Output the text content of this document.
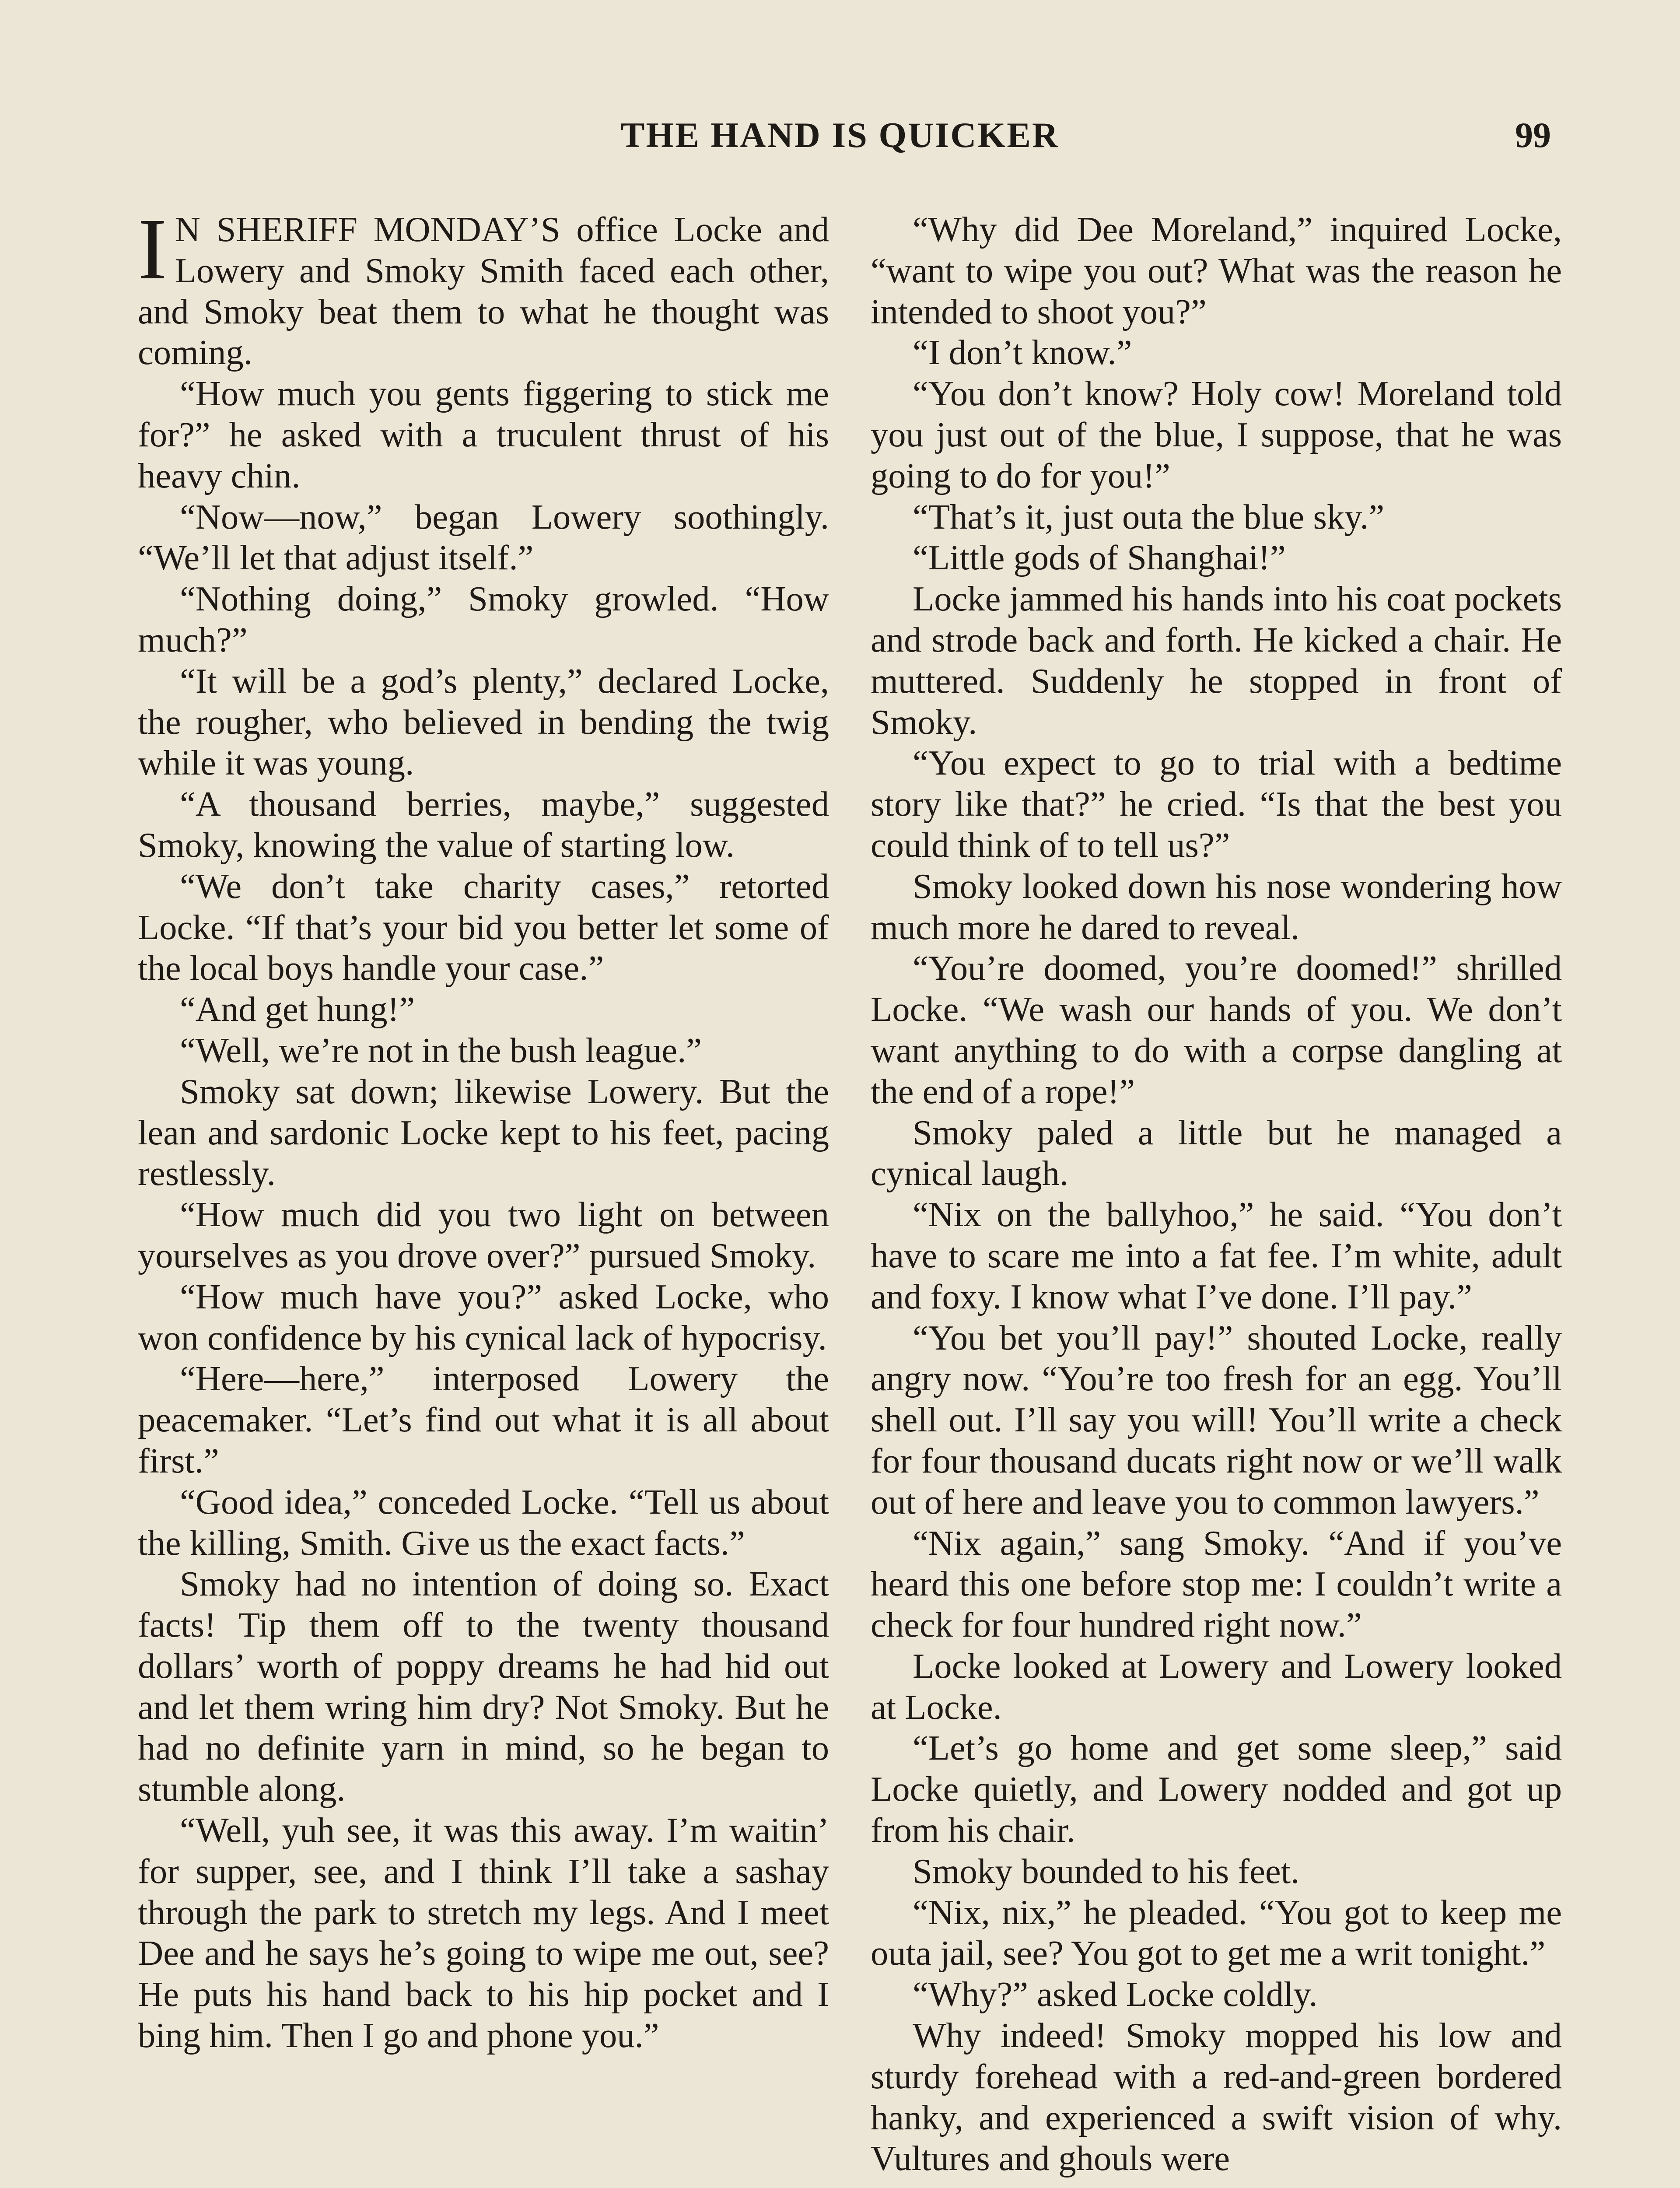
THE HAND IS QUICKER	99

I N SHERIFF MONDAY’S office Locke and Lowery and Smoky Smith faced each other, and Smoky beat them to what he thought was coming.

“How much you gents figgering to stick me for?” he asked with a truculent thrust of his heavy chin.

“Now—now,” began Lowery soothingly. “We’ll let that adjust itself.”

“Nothing doing,” Smoky growled. “How much?”

“It will be a god’s plenty,” declared Locke, the rougher, who believed in bending the twig while it was young.

“A thousand berries, maybe,” suggested Smoky, knowing the value of starting low.

“We don’t take charity cases,” retorted Locke. “If that’s your bid you better let some of the local boys handle your case.”

“And get hung!”

“Well, we’re not in the bush league.”

Smoky sat down; likewise Lowery. But the lean and sardonic Locke kept to his feet, pacing restlessly.

“How much did you two light on between yourselves as you drove over?” pursued Smoky.

“How much have you?” asked Locke, who won confidence by his cynical lack of hypocrisy.

“Here—here,” interposed Lowery the peacemaker. “Let’s find out what it is all about first.”

“Good idea,” conceded Locke. “Tell us about the killing, Smith. Give us the exact facts.”

Smoky had no intention of doing so. Exact facts! Tip them off to the twenty thousand dollars’ worth of poppy dreams he had hid out and let them wring him dry? Not Smoky. But he had no definite yarn in mind, so he began to stumble along.

“Well, yuh see, it was this away. I’m waitin’ for supper, see, and I think I’ll take a sashay through the park to stretch my legs. And I meet Dee and he says he’s going to wipe me out, see? He puts his hand back to his hip pocket and I bing him. Then I go and phone you.”

“Why did Dee Moreland,” inquired Locke, “want to wipe you out? What was the reason he intended to shoot you?”

“I don’t know.”

“You don’t know? Holy cow! Moreland told you just out of the blue, I suppose, that he was going to do for you!”

“That’s it, just outa the blue sky.”

“Little gods of Shanghai!”

Locke jammed his hands into his coat pockets and strode back and forth. He kicked a chair. He muttered. Suddenly he stopped in front of Smoky.

“You expect to go to trial with a bedtime story like that?” he cried. “Is that the best you could think of to tell us?”

Smoky looked down his nose wondering how much more he dared to reveal.

“You’re doomed, you’re doomed!” shrilled Locke. “We wash our hands of you. We don’t want anything to do with a corpse dangling at the end of a rope!”

Smoky paled a little but he managed a cynical laugh.

“Nix on the ballyhoo,” he said. “You don’t have to scare me into a fat fee. I’m white, adult and foxy. I know what I’ve done. I’ll pay.”

“You bet you’ll pay!” shouted Locke, really angry now. “You’re too fresh for an egg. You’ll shell out. I’ll say you will! You’ll write a check for four thousand ducats right now or we’ll walk out of here and leave you to common lawyers.”

“Nix again,” sang Smoky. “And if you’ve heard this one before stop me: I couldn’t write a check for four hundred right now.”

Locke looked at Lowery and Lowery looked at Locke.

“Let’s go home and get some sleep,” said Locke quietly, and Lowery nodded and got up from his chair.

Smoky bounded to his feet.

“Nix, nix,” he pleaded. “You got to keep me outa jail, see? You got to get me a writ tonight.”

“Why?” asked Locke coldly.

Why indeed! Smoky mopped his low and sturdy forehead with a red-and-green bordered hanky, and experienced a swift vision of why. Vultures and ghouls were
